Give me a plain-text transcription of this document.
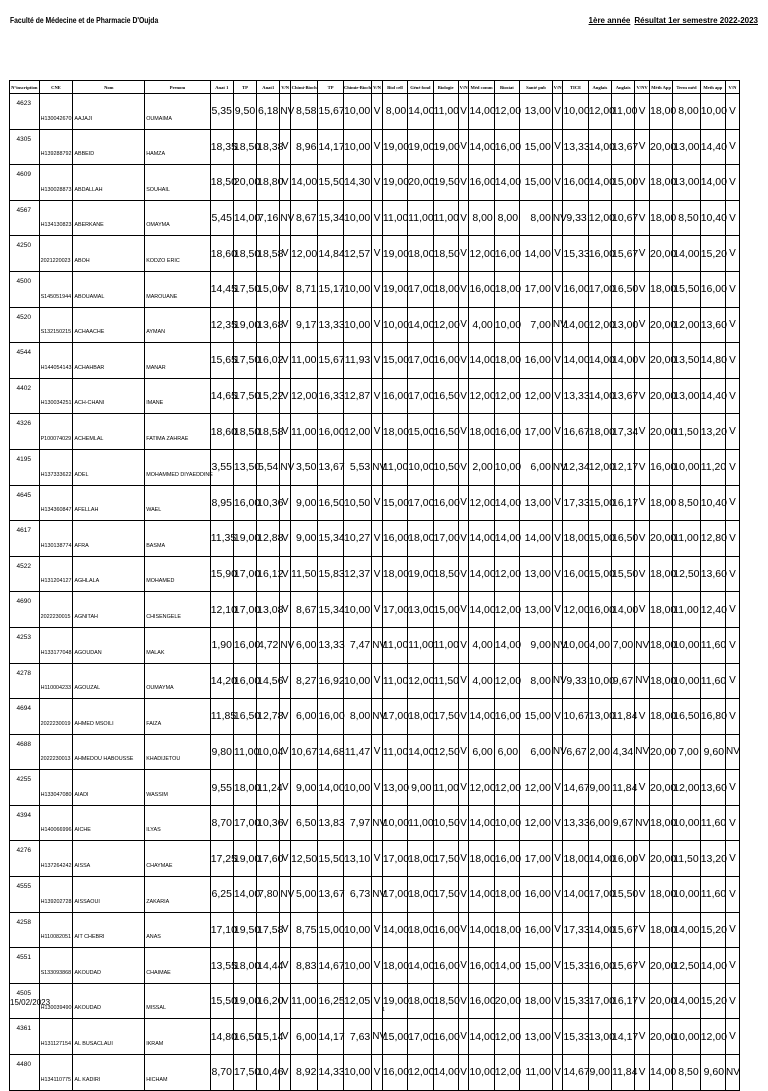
Faculté de Médecine et de Pharmacie D'Oujda	1ère année Résultat 1er semestre 2022-2023
N°inscription	CNE	Nom	Prenom	Anat 1	TP	Anat1	V/N	Chimi-Bioch	TP	Chimie-Bioch	V/N	Biol cell	Géné fond	Biologie	V/N	Méd comm	Biostat	Santé pub	V/N	TICE	Anglais	Anglais	V/NV	Méth App	Term méd	Meth app	V/N
4623	H130042670	AAJAJI	OUMAIMA	5,35	9,50	6,18	NV	8,58	15,67	10,00	V	8,00	14,00	11,00	V	14,00	12,00	13,00	V	10,00	12,00	11,00	V	18,00	8,00	10,00	V
4305	H139288792	ABBEID	HAMZA	18,35	18,50	18,38	V	8,96	14,17	10,00	V	19,00	19,00	19,00	V	14,00	16,00	15,00	V	13,33	14,00	13,67	V	20,00	13,00	14,40	V
4609	H130028873	ABDALLAH	SOUHAIL	18,50	20,00	18,80	V	14,00	15,50	14,30	V	19,00	20,00	19,50	V	16,00	14,00	15,00	V	16,00	14,00	15,00	V	18,00	13,00	14,00	V
4567	H134130823	ABERKANE	OMAYMA	5,45	14,00	7,16	NV	8,67	15,34	10,00	V	11,00	11,00	11,00	V	8,00	8,00	8,00	NV	9,33	12,00	10,67	V	18,00	8,50	10,40	V
4250	2021220023	ABOH	KODZO ERIC	18,60	18,50	18,58	V	12,00	14,84	12,57	V	19,00	18,00	18,50	V	12,00	16,00	14,00	V	15,33	16,00	15,67	V	20,00	14,00	15,20	V
4500	S145051944	ABOUAMAL	MAROUANE	14,45	17,50	15,06	V	8,71	15,17	10,00	V	19,00	17,00	18,00	V	16,00	18,00	17,00	V	16,00	17,00	16,50	V	18,00	15,50	16,00	V
4520	S132150215	ACHAACHE	AYMAN	12,35	19,00	13,68	V	9,17	13,33	10,00	V	10,00	14,00	12,00	V	4,00	10,00	7,00	NV	14,00	12,00	13,00	V	20,00	12,00	13,60	V
4544	H144054143	ACHAHBAR	MANAR	15,65	17,50	16,02	V	11,00	15,67	11,93	V	15,00	17,00	16,00	V	14,00	18,00	16,00	V	14,00	14,00	14,00	V	20,00	13,50	14,80	V
4402	H130034251	ACH-CHANI	IMANE	14,65	17,50	15,22	V	12,00	16,33	12,87	V	16,00	17,00	16,50	V	12,00	12,00	12,00	V	13,33	14,00	13,67	V	20,00	13,00	14,40	V
4326	P100074029	ACHEMLAL	FATIMA ZAHRAE	18,60	18,50	18,58	V	11,00	16,00	12,00	V	18,00	15,00	16,50	V	18,00	16,00	17,00	V	16,67	18,00	17,34	V	20,00	11,50	13,20	V
4195	H137333622	ADEL	MOHAMMED DIYAEDDINE	3,55	13,50	5,54	NV	3,50	13,67	5,53	NV	11,00	10,00	10,50	V	2,00	10,00	6,00	NV	12,34	12,00	12,17	V	16,00	10,00	11,20	V
4645	H134360847	AFELLAH	WAEL	8,95	16,00	10,36	V	9,00	16,50	10,50	V	15,00	17,00	16,00	V	12,00	14,00	13,00	V	17,33	15,00	16,17	V	18,00	8,50	10,40	V
4617	H130138774	AFRA	BASMA	11,35	19,00	12,88	V	9,00	15,34	10,27	V	16,00	18,00	17,00	V	14,00	14,00	14,00	V	18,00	15,00	16,50	V	20,00	11,00	12,80	V
4522	H131204127	AGHLALA	MOHAMED	15,90	17,00	16,12	V	11,50	15,83	12,37	V	18,00	19,00	18,50	V	14,00	12,00	13,00	V	16,00	15,00	15,50	V	18,00	12,50	13,60	V
4690	2022230015	AGNITAH	CHISENGELE	12,10	17,00	13,08	V	8,67	15,34	10,00	V	17,00	13,00	15,00	V	14,00	12,00	13,00	V	12,00	16,00	14,00	V	18,00	11,00	12,40	V
4253	H133177048	AGOUDAN	MALAK	1,90	16,00	4,72	NV	6,00	13,33	7,47	NV	11,00	11,00	11,00	V	4,00	14,00	9,00	NV	10,00	4,00	7,00	NV	18,00	10,00	11,60	V
4278	H110004233	AGOUZAL	OUMAYMA	14,20	16,00	14,56	V	8,27	16,92	10,00	V	11,00	12,00	11,50	V	4,00	12,00	8,00	NV	9,33	10,00	9,67	NV	18,00	10,00	11,60	V
4694	2022230019	AHMED MSOILI	FAIZA	11,85	16,50	12,78	V	6,00	16,00	8,00	NV	17,00	18,00	17,50	V	14,00	16,00	15,00	V	10,67	13,00	11,84	V	18,00	16,50	16,80	V
4688	2022230013	AHMEDOU HABOUSSE	KHADIJETOU	9,80	11,00	10,04	V	10,67	14,68	11,47	V	11,00	14,00	12,50	V	6,00	6,00	6,00	NV	6,67	2,00	4,34	NV	20,00	7,00	9,60	NV
4255	H133047080	AIADI	WASSIM	9,55	18,00	11,24	V	9,00	14,00	10,00	V	13,00	9,00	11,00	V	12,00	12,00	12,00	V	14,67	9,00	11,84	V	20,00	12,00	13,60	V
4394	H140066996	AICHE	ILYAS	8,70	17,00	10,36	V	6,50	13,83	7,97	NV	10,00	11,00	10,50	V	14,00	10,00	12,00	V	13,33	6,00	9,67	NV	18,00	10,00	11,60	V
4276	H137264242	AISSA	CHAYMAE	17,25	19,00	17,60	V	12,50	15,50	13,10	V	17,00	18,00	17,50	V	18,00	16,00	17,00	V	18,00	14,00	16,00	V	20,00	11,50	13,20	V
4555	H139202728	AISSAOUI	ZAKARIA	6,25	14,00	7,80	NV	5,00	13,67	6,73	NV	17,00	18,00	17,50	V	14,00	18,00	16,00	V	14,00	17,00	15,50	V	18,00	10,00	11,60	V
4258	H110082051	AIT CHEBRI	ANAS	17,10	19,50	17,58	V	8,75	15,00	10,00	V	14,00	18,00	16,00	V	14,00	18,00	16,00	V	17,33	14,00	15,67	V	18,00	14,00	15,20	V
4551	S133093868	AKOUDAD	CHAIMAE	13,55	18,00	14,44	V	8,83	14,67	10,00	V	18,00	14,00	16,00	V	16,00	14,00	15,00	V	15,33	16,00	15,67	V	20,00	12,50	14,00	V
4505	H130039490	AKOUDAD	MISSAL	15,50	19,00	16,20	V	11,00	16,25	12,05	V	19,00	18,00	18,50	V	16,00	20,00	18,00	V	15,33	17,00	16,17	V	20,00	14,00	15,20	V
4361	H131127154	AL BUSACLAUI	IKRAM	14,80	16,50	15,14	V	6,00	14,17	7,63	NV	15,00	17,00	16,00	V	14,00	12,00	13,00	V	15,33	13,00	14,17	V	20,00	10,00	12,00	V
4480	H134110775	AL KADIRI	HICHAM	8,70	17,50	10,46	V	8,92	14,33	10,00	V	16,00	12,00	14,00	V	10,00	12,00	11,00	V	14,67	9,00	11,84	V	14,00	8,50	9,60	NV
15/02/2023
1
